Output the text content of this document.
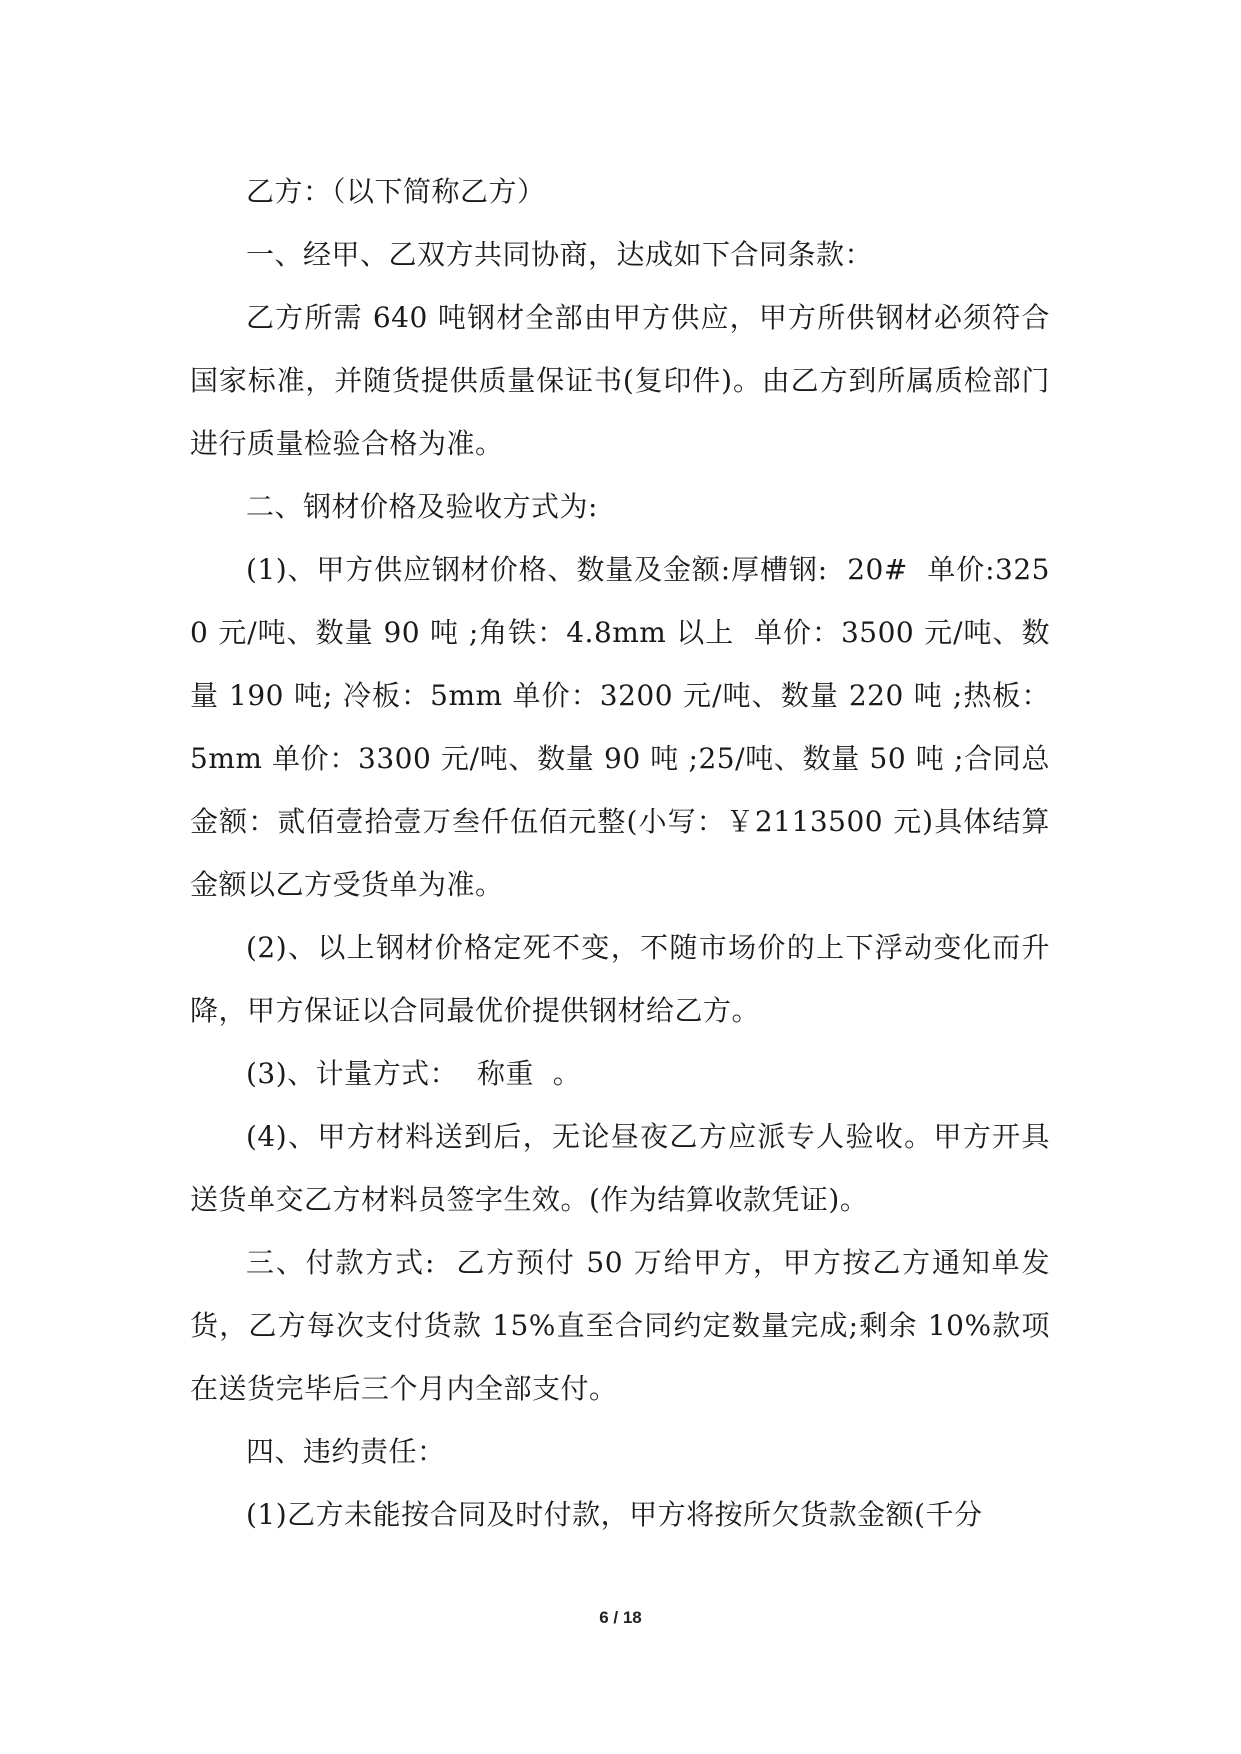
乙方：（以下简称乙方）

一、经甲、乙双方共同协商，达成如下合同条款：

乙方所需 640 吨钢材全部由甲方供应，甲方所供钢材必须符合国家标准，并随货提供质量保证书(复印件)。由乙方到所属质检部门进行质量检验合格为准。

二、钢材价格及验收方式为:

(1)、甲方供应钢材价格、数量及金额:厚槽钢:  20#  单价:3250 元/吨、数量 90 吨 ;角铁：4.8mm 以上  单价：3500 元/吨、数量 190 吨; 冷板：5mm 单价：3200 元/吨、数量 220 吨 ;热板：5mm 单价：3300 元/吨、数量 90 吨 ;25/吨、数量 50 吨 ;合同总金额：贰佰壹拾壹万叁仟伍佰元整(小写：￥2113500 元)具体结算金额以乙方受货单为准。

(2)、以上钢材价格定死不变，不随市场价的上下浮动变化而升降，甲方保证以合同最优价提供钢材给乙方。

(3)、计量方式：  称重  。

(4)、甲方材料送到后，无论昼夜乙方应派专人验收。甲方开具送货单交乙方材料员签字生效。(作为结算收款凭证)。

三、付款方式:  乙方预付 50 万给甲方，甲方按乙方通知单发货，乙方每次支付货款 15%直至合同约定数量完成;剩余 10%款项在送货完毕后三个月内全部支付。

四、违约责任：

(1)乙方未能按合同及时付款，甲方将按所欠货款金额(千分

6 / 18
